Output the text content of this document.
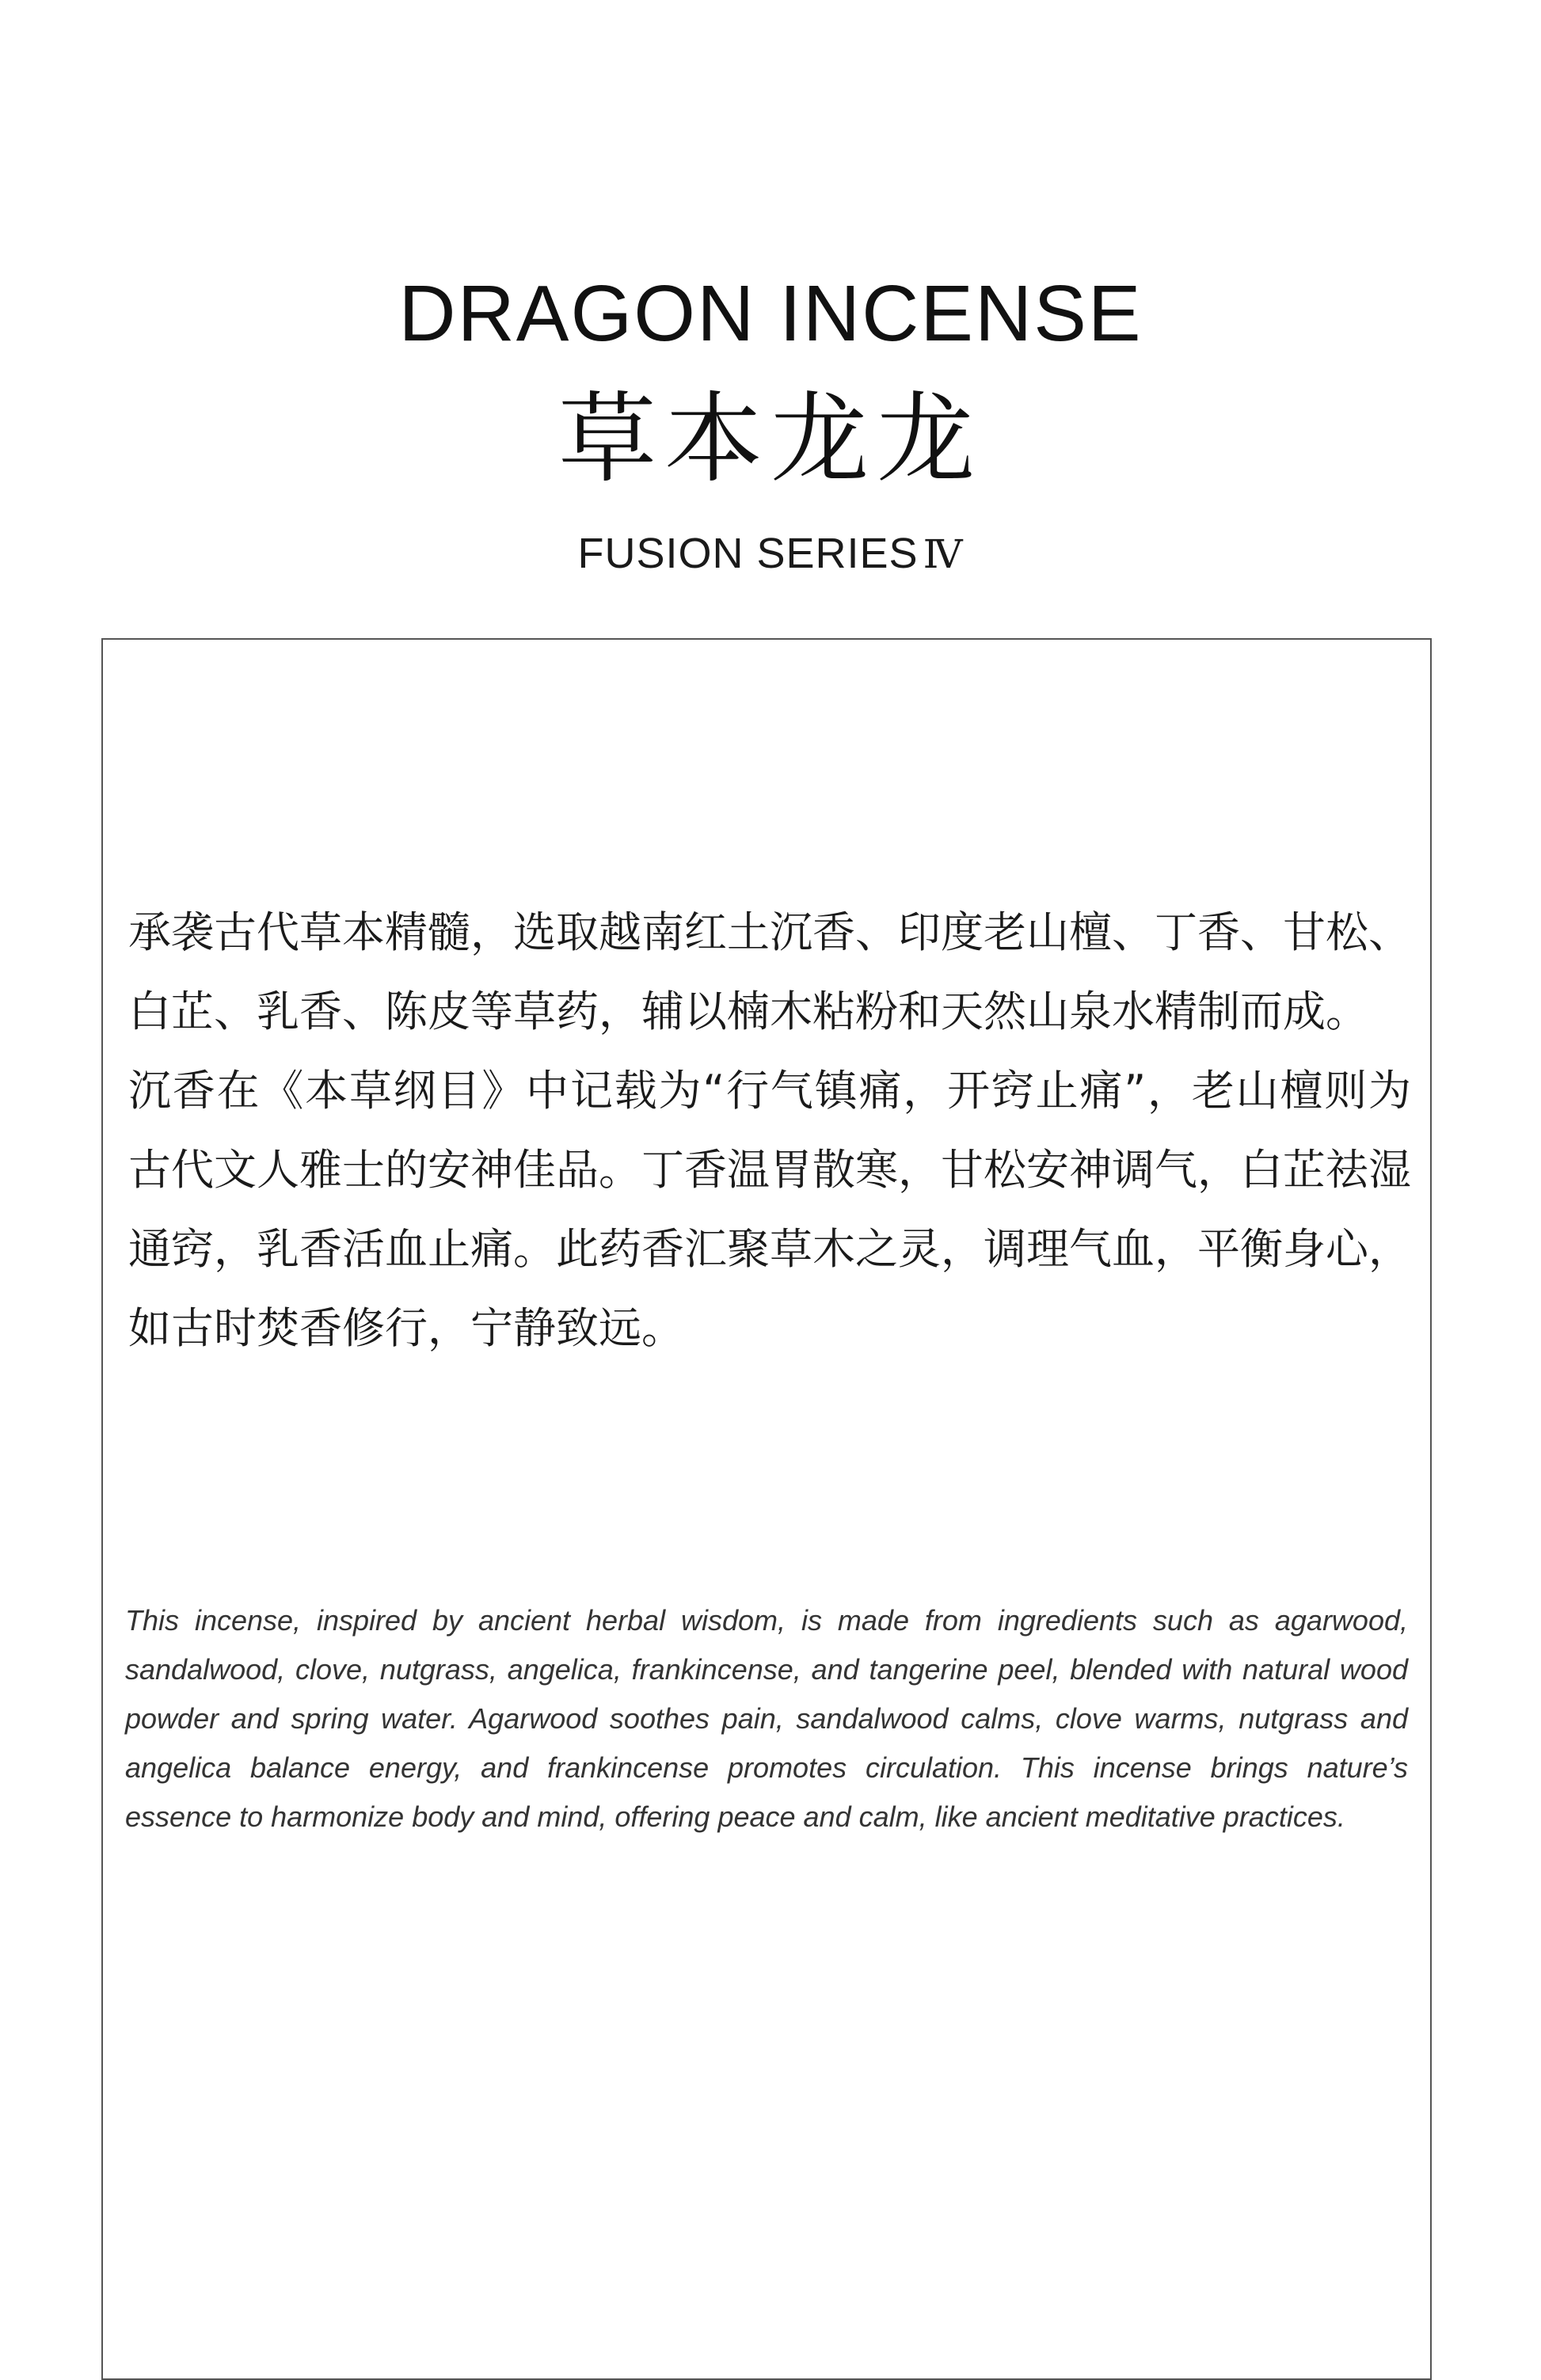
DRAGON INCENSE
草本龙龙
FUSION SERIES Ⅳ

承袭古代草本精髓，选取越南红土沉香、印度老山檀、丁香、甘松、白芷、乳香、陈皮等草药，辅以楠木粘粉和天然山泉水精制而成。

沉香在《本草纲目》中记载为“行气镇痛，开窍止痛”，老山檀则为古代文人雅士的安神佳品。丁香温胃散寒，甘松安神调气，白芷祛湿通窍，乳香活血止痛。此药香汇聚草木之灵，调理气血，平衡身心，如古时焚香修行，宁静致远。

This incense, inspired by ancient herbal wisdom, is made from ingredients such as agarwood, sandalwood, clove, nutgrass, angelica, frankincense, and tangerine peel, blended with natural wood powder and spring water. Agarwood soothes pain, sandalwood calms, clove warms, nutgrass and angelica balance energy, and frankincense promotes circulation. This incense brings nature’s essence to harmonize body and mind, offering peace and calm, like ancient meditative practices.
